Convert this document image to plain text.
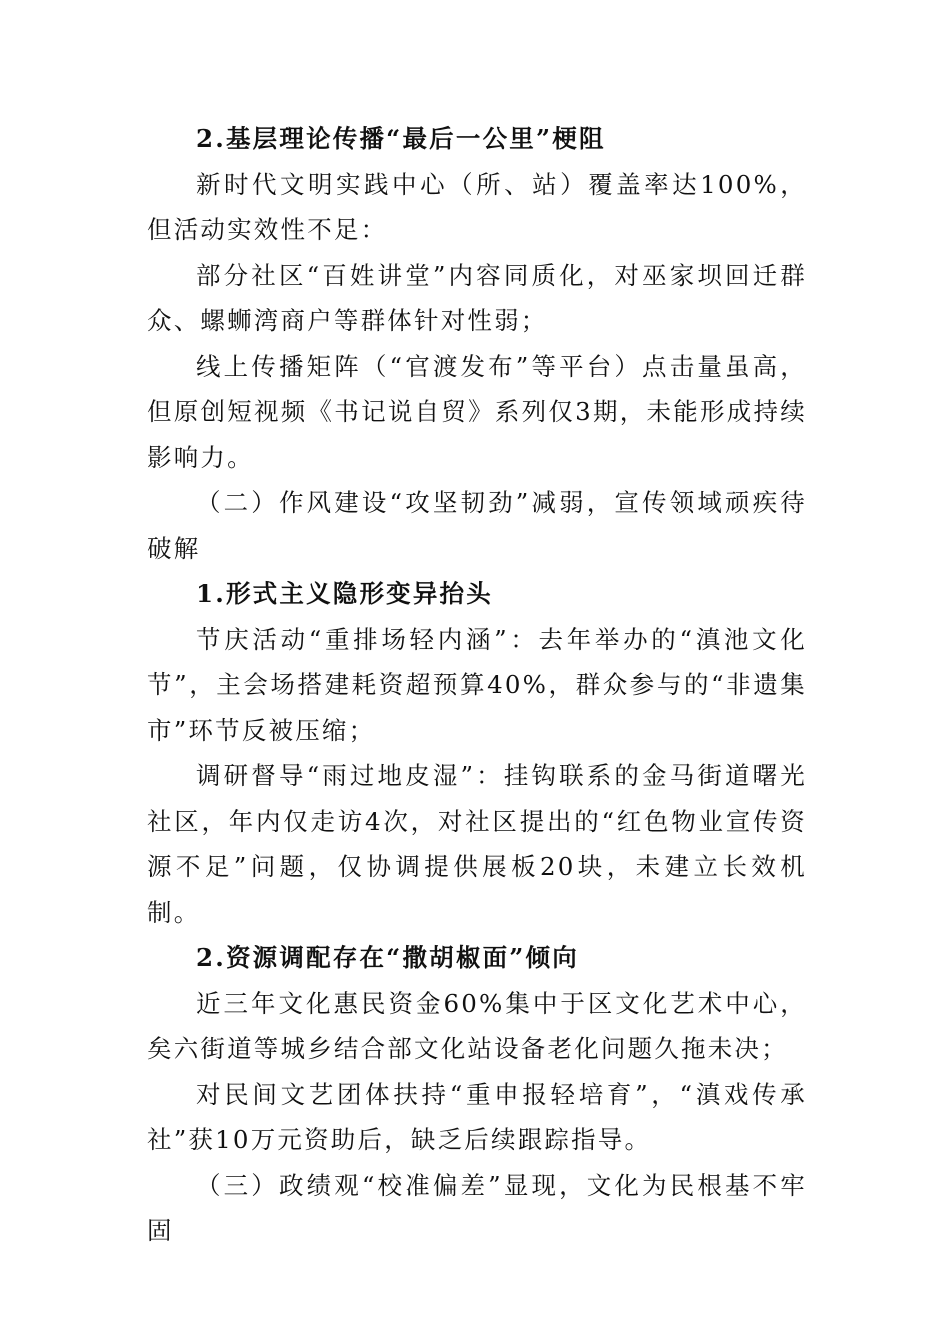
2.基层理论传播“最后一公里”梗阻

新时代文明实践中心（所、站）覆盖率达100%，但活动实效性不足：

部分社区“百姓讲堂”内容同质化，对巫家坝回迁群众、螺蛳湾商户等群体针对性弱；

线上传播矩阵（“官渡发布”等平台）点击量虽高，但原创短视频《书记说自贸》系列仅3期，未能形成持续影响力。

（二）作风建设“攻坚韧劲”减弱，宣传领域顽疾待破解

1.形式主义隐形变异抬头

节庆活动“重排场轻内涵”：去年举办的“滇池文化节”，主会场搭建耗资超预算40%，群众参与的“非遗集市”环节反被压缩；

调研督导“雨过地皮湿”：挂钩联系的金马街道曙光社区，年内仅走访4次，对社区提出的“红色物业宣传资源不足”问题，仅协调提供展板20块，未建立长效机制。

2.资源调配存在“撒胡椒面”倾向

近三年文化惠民资金60%集中于区文化艺术中心，矣六街道等城乡结合部文化站设备老化问题久拖未决；

对民间文艺团体扶持“重申报轻培育”，“滇戏传承社”获10万元资助后，缺乏后续跟踪指导。

（三）政绩观“校准偏差”显现，文化为民根基不牢固
